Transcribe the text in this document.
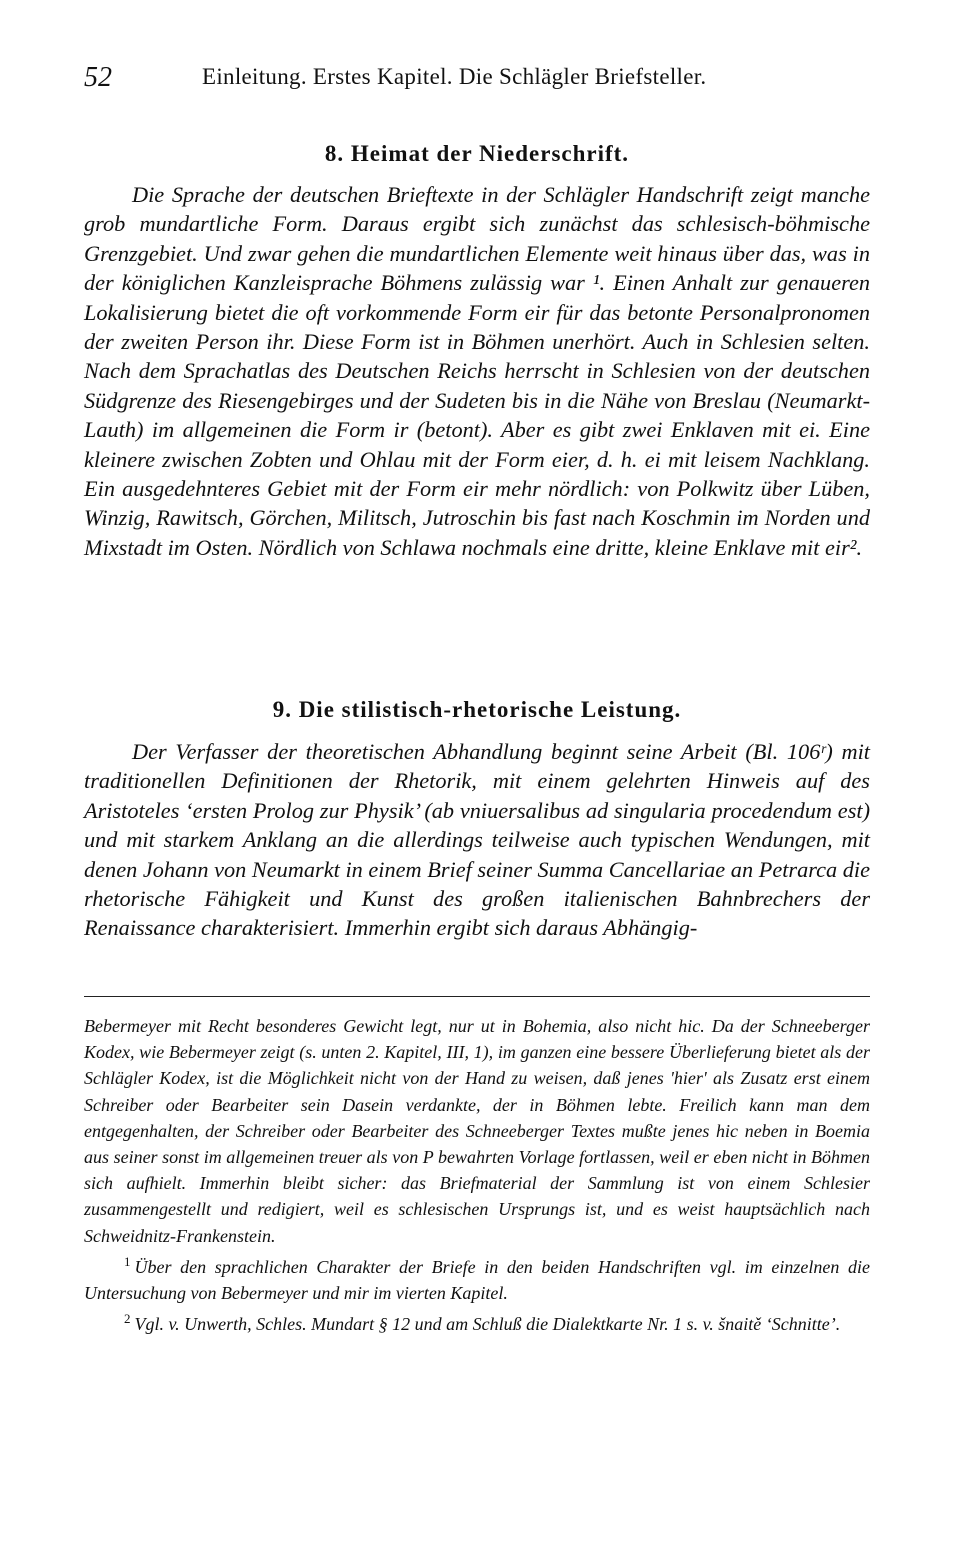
52	Einleitung. Erstes Kapitel. Die Schlägler Briefsteller.
8. Heimat der Niederschrift.

Die Sprache der deutschen Brieftexte in der Schlägler Handschrift zeigt manche grob mundartliche Form. Daraus ergibt sich zunächst das schlesisch-böhmische Grenzgebiet. Und zwar gehen die mundartlichen Elemente weit hinaus über das, was in der königlichen Kanzleisprache Böhmens zulässig war ¹. Einen Anhalt zur genaueren Lokalisierung bietet die oft vorkommende Form eir für das betonte Personalpronomen der zweiten Person ihr. Diese Form ist in Böhmen unerhört. Auch in Schlesien selten. Nach dem Sprachatlas des Deutschen Reichs herrscht in Schlesien von der deutschen Südgrenze des Riesengebirges und der Sudeten bis in die Nähe von Breslau (Neumarkt-Lauth) im allgemeinen die Form ir (betont). Aber es gibt zwei Enklaven mit ei. Eine kleinere zwischen Zobten und Ohlau mit der Form eier, d. h. ei mit leisem Nachklang. Ein ausgedehnteres Gebiet mit der Form eir mehr nördlich: von Polkwitz über Lüben, Winzig, Rawitsch, Görchen, Militsch, Jutroschin bis fast nach Koschmin im Norden und Mixstadt im Osten. Nördlich von Schlawa nochmals eine dritte, kleine Enklave mit eir².

9. Die stilistisch-rhetorische Leistung.

Der Verfasser der theoretischen Abhandlung beginnt seine Arbeit (Bl. 106ʳ) mit traditionellen Definitionen der Rhetorik, mit einem gelehrten Hinweis auf des Aristoteles ‘ersten Prolog zur Physik’ (ab vniuersalibus ad singularia procedendum est) und mit starkem Anklang an die allerdings teilweise auch typischen Wendungen, mit denen Johann von Neumarkt in einem Brief seiner Summa Cancellariae an Petrarca die rhetorische Fähigkeit und Kunst des großen italienischen Bahnbrechers der Renaissance charakterisiert. Immerhin ergibt sich daraus Abhängig-

Bebermeyer mit Recht besonderes Gewicht legt, nur ut in Bohemia, also nicht hic. Da der Schneeberger Kodex, wie Bebermeyer zeigt (s. unten 2. Kapitel, III, 1), im ganzen eine bessere Überlieferung bietet als der Schlägler Kodex, ist die Möglichkeit nicht von der Hand zu weisen, daß jenes 'hier' als Zusatz erst einem Schreiber oder Bearbeiter sein Dasein verdankte, der in Böhmen lebte. Freilich kann man dem entgegenhalten, der Schreiber oder Bearbeiter des Schneeberger Textes mußte jenes hic neben in Boemia aus seiner sonst im allgemeinen treuer als von P bewahrten Vorlage fortlassen, weil er eben nicht in Böhmen sich aufhielt. Immerhin bleibt sicher: das Briefmaterial der Sammlung ist von einem Schlesier zusammengestellt und redigiert, weil es schlesischen Ursprungs ist, und es weist hauptsächlich nach Schweidnitz-Frankenstein.

$^1$ Über den sprachlichen Charakter der Briefe in den beiden Handschriften vgl. im einzelnen die Untersuchung von Bebermeyer und mir im vierten Kapitel.

$^2$ Vgl. v. Unwerth, Schles. Mundart § 12 und am Schluß die Dialektkarte Nr. 1 s. v. šnaitě ‘Schnitte’.
